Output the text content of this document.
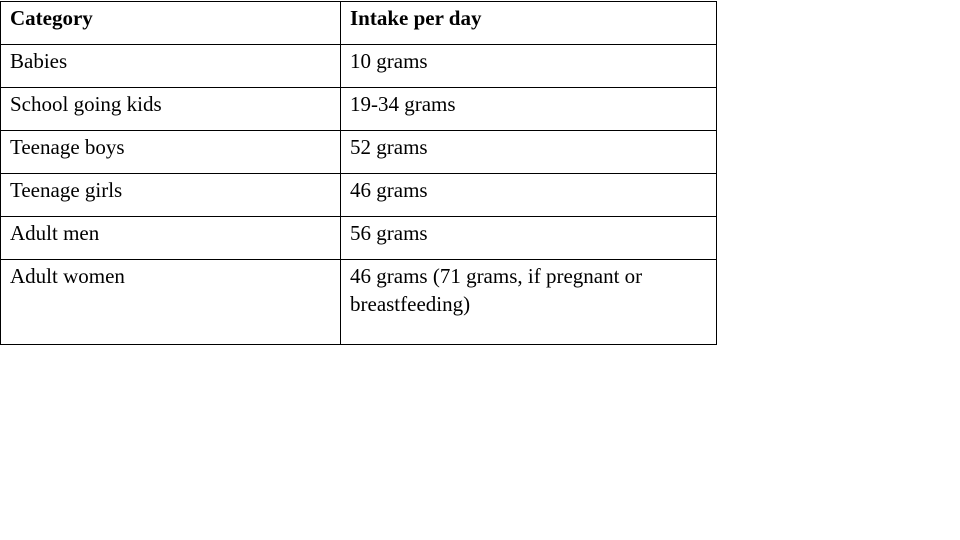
Category	Intake per day
Babies	10 grams
School going kids	19-34 grams
Teenage boys	52 grams
Teenage girls	46 grams
Adult men	56 grams
Adult women	46 grams (71 grams, if pregnant or breastfeeding)
